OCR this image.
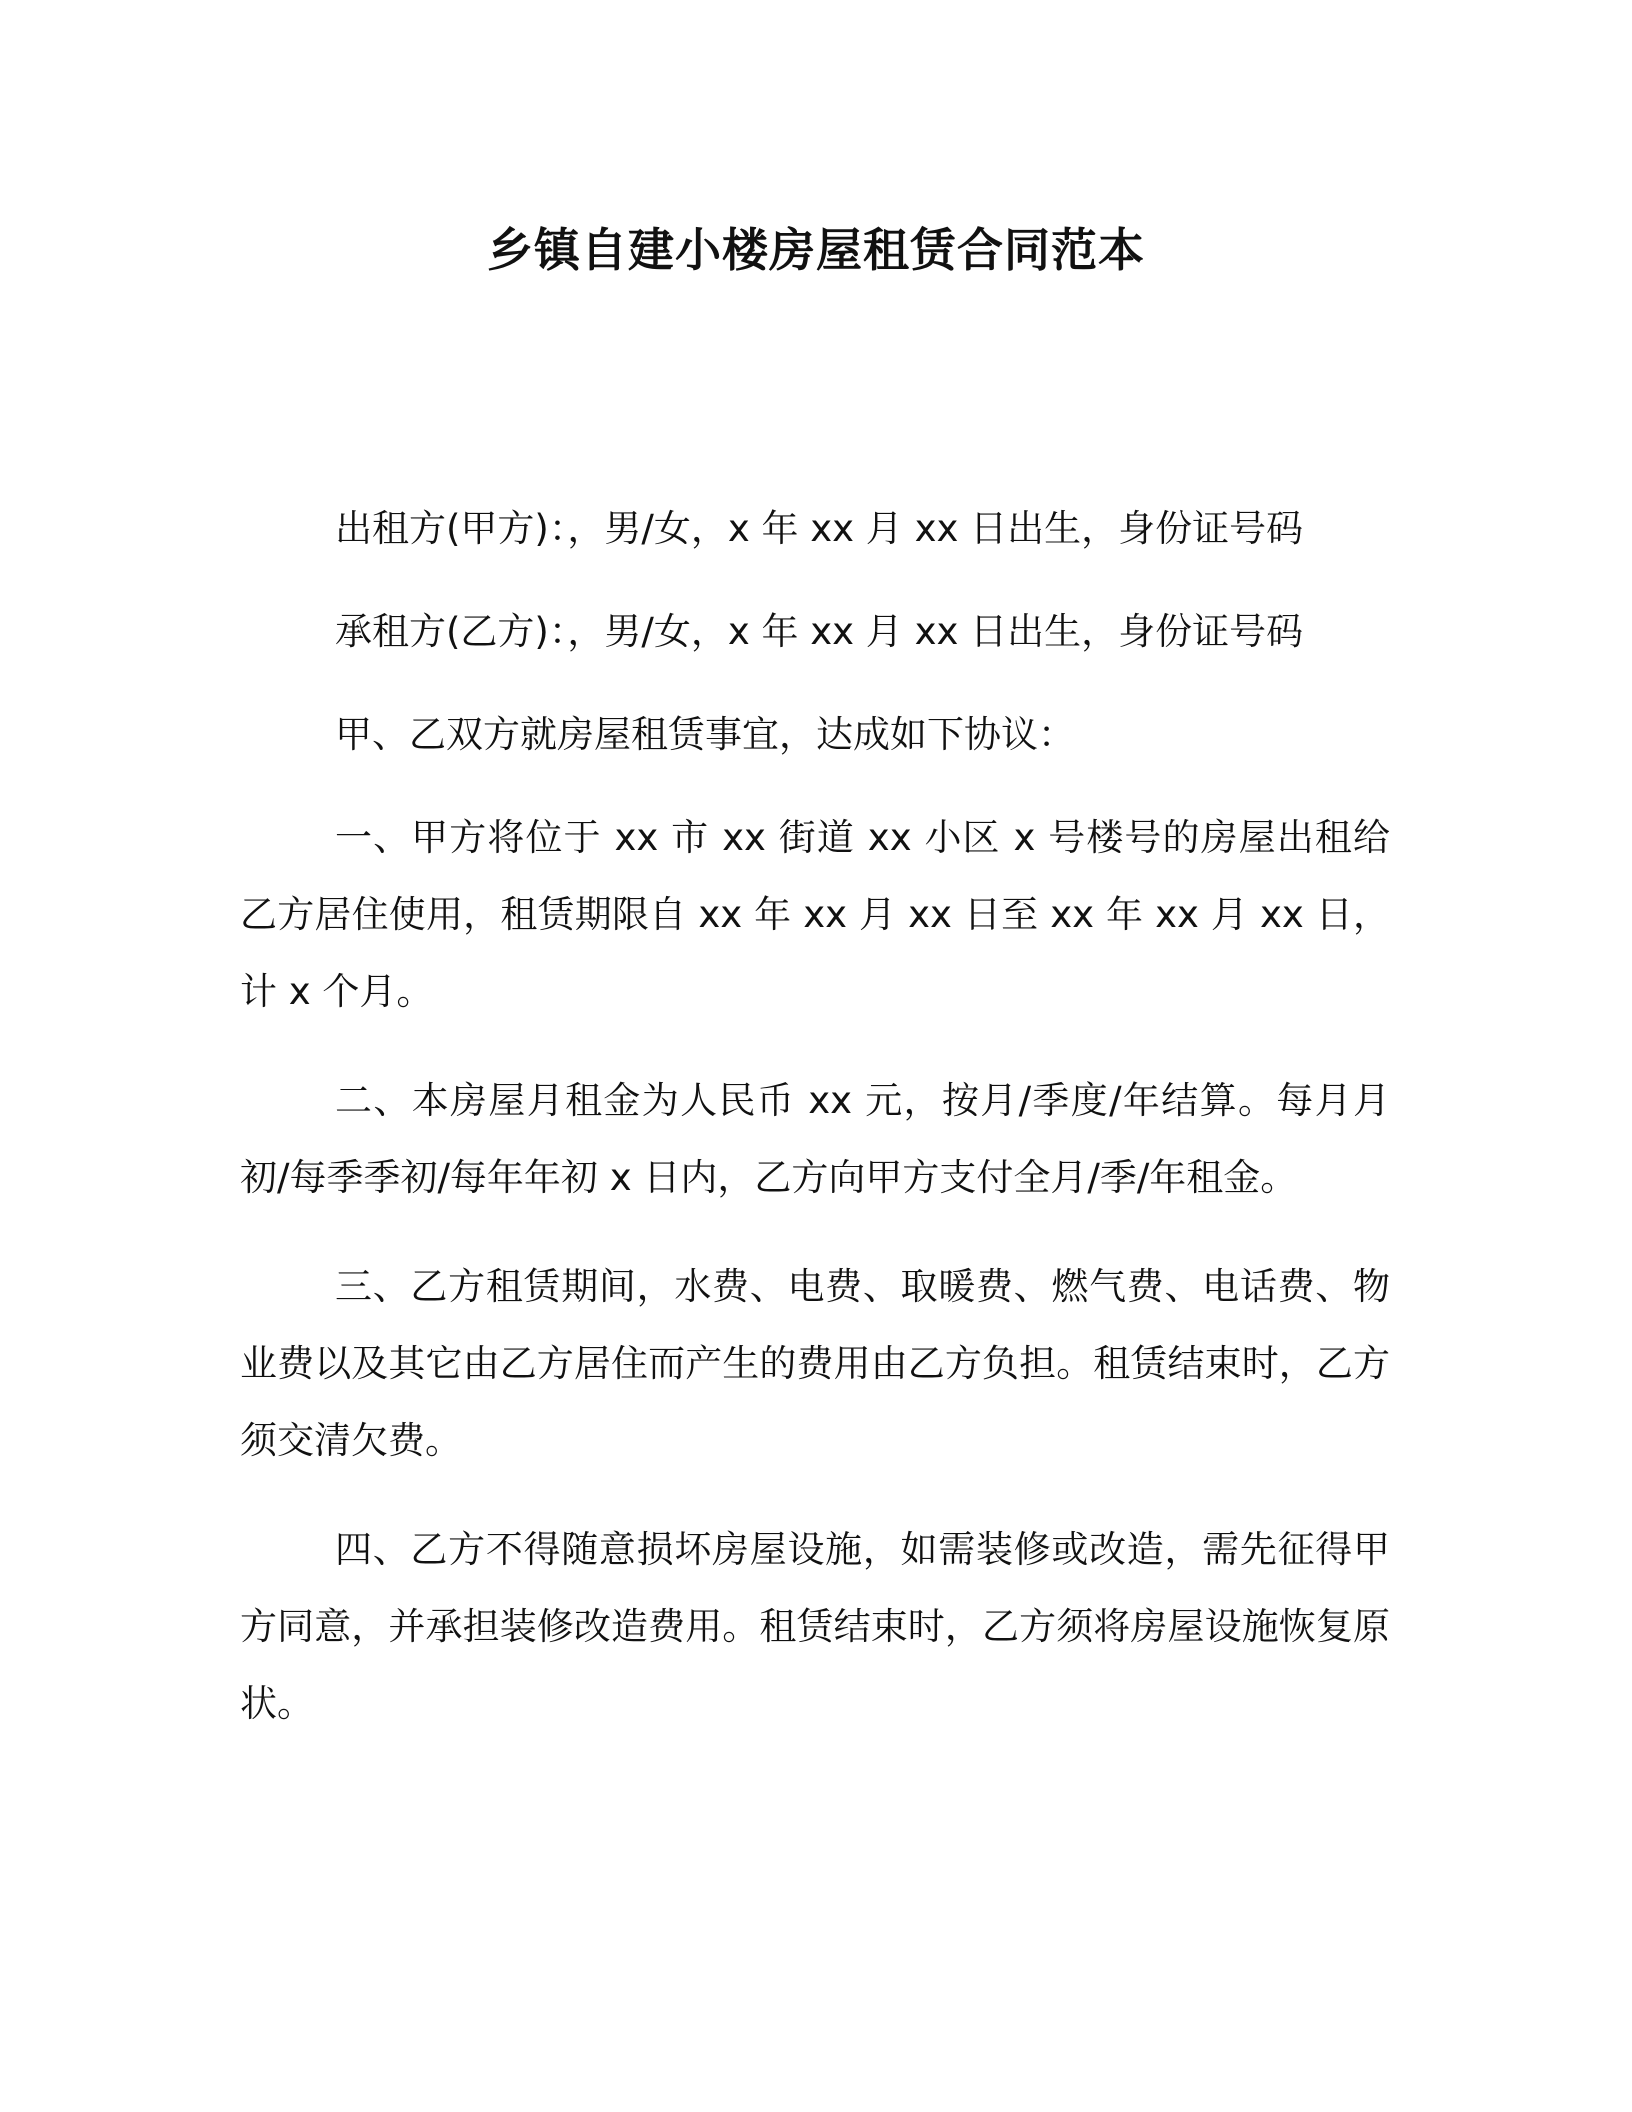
乡镇自建小楼房屋租赁合同范本

出租方(甲方)：，男/女，x 年 xx 月 xx 日出生，身份证号码

承租方(乙方)：，男/女，x 年 xx 月 xx 日出生，身份证号码

甲、乙双方就房屋租赁事宜，达成如下协议：

一、甲方将位于 xx 市 xx 街道 xx 小区 x 号楼号的房屋出租给乙方居住使用，租赁期限自 xx 年 xx 月 xx 日至 xx 年 xx 月 xx 日，计 x 个月。

二、本房屋月租金为人民币 xx 元，按月/季度/年结算。每月月初/每季季初/每年年初 x 日内，乙方向甲方支付全月/季/年租金。

三、乙方租赁期间，水费、电费、取暖费、燃气费、电话费、物业费以及其它由乙方居住而产生的费用由乙方负担。租赁结束时，乙方须交清欠费。

四、乙方不得随意损坏房屋设施，如需装修或改造，需先征得甲方同意，并承担装修改造费用。租赁结束时，乙方须将房屋设施恢复原状。
